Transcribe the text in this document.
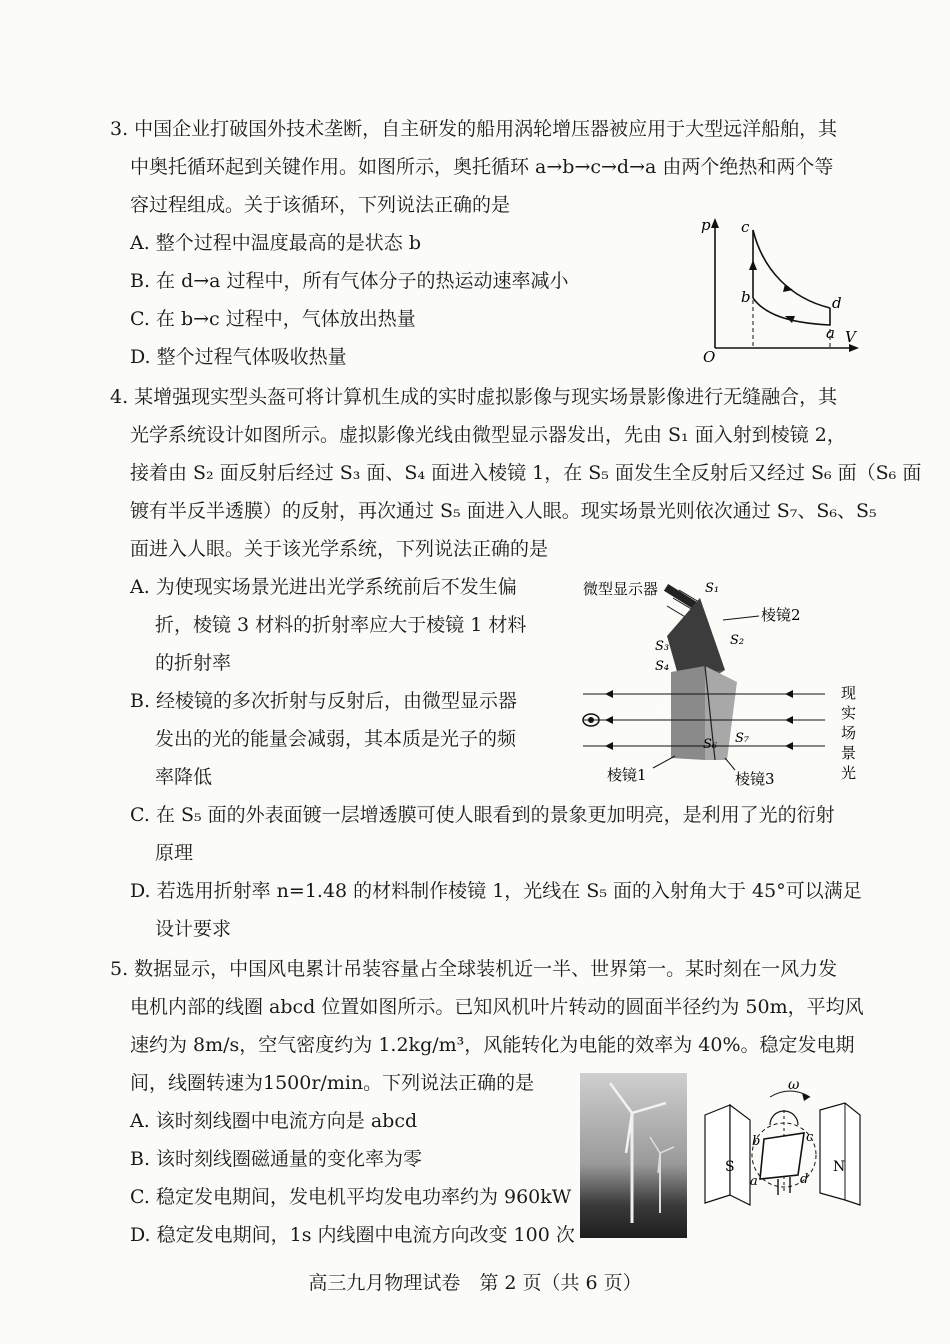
3. 中国企业打破国外技术垄断，自主研发的船用涡轮增压器被应用于大型远洋船舶，其
中奥托循环起到关键作用。如图所示，奥托循环 a→b→c→d→a 由两个绝热和两个等
容过程组成。关于该循环，下列说法正确的是
A. 整个过程中温度最高的是状态 b
B. 在 d→a 过程中，所有气体分子的热运动速率减小
C. 在 b→c 过程中，气体放出热量
D. 整个过程气体吸收热量
p
V
O
c
b	d
a
4. 某增强现实型头盔可将计算机生成的实时虚拟影像与现实场景影像进行无缝融合，其
光学系统设计如图所示。虚拟影像光线由微型显示器发出，先由 S₁ 面入射到棱镜 2，
接着由 S₂ 面反射后经过 S₃ 面、S₄ 面进入棱镜 1，在 S₅ 面发生全反射后又经过 S₆ 面（S₆ 面
镀有半反半透膜）的反射，再次通过 S₅ 面进入人眼。现实场景光则依次通过 S₇、S₆、S₅
面进入人眼。关于该光学系统，下列说法正确的是
A. 为使现实场景光进出光学系统前后不发生偏
折，棱镜 3 材料的折射率应大于棱镜 1 材料
的折射率
B. 经棱镜的多次折射与反射后，由微型显示器
发出的光的能量会减弱，其本质是光子的频
率降低
C. 在 S₅ 面的外表面镀一层增透膜可使人眼看到的景象更加明亮，是利用了光的衍射
原理
D. 若选用折射率 n=1.48 的材料制作棱镜 1，光线在 S₅ 面的入射角大于 45°可以满足
设计要求
微型显示器	S₁
棱镜2
S₂
S₃
S₄
S₅
S₆ S₇
棱镜1	棱镜3
现
实
场
景
光
5. 数据显示，中国风电累计吊装容量占全球装机近一半、世界第一。某时刻在一风力发
电机内部的线圈 abcd 位置如图所示。已知风机叶片转动的圆面半径约为 50m，平均风
速约为 8m/s，空气密度约为 1.2kg/m³，风能转化为电能的效率为 40%。稳定发电期
间，线圈转速为1500r/min。下列说法正确的是
A. 该时刻线圈中电流方向是 abcd
B. 该时刻线圈磁通量的变化率为零
C. 稳定发电期间，发电机平均发电功率约为 960kW
D. 稳定发电期间，1s 内线圈中电流方向改变 100 次
S	N
ω
b	c
a	d
高三九月物理试卷　第 2 页（共 6 页）
